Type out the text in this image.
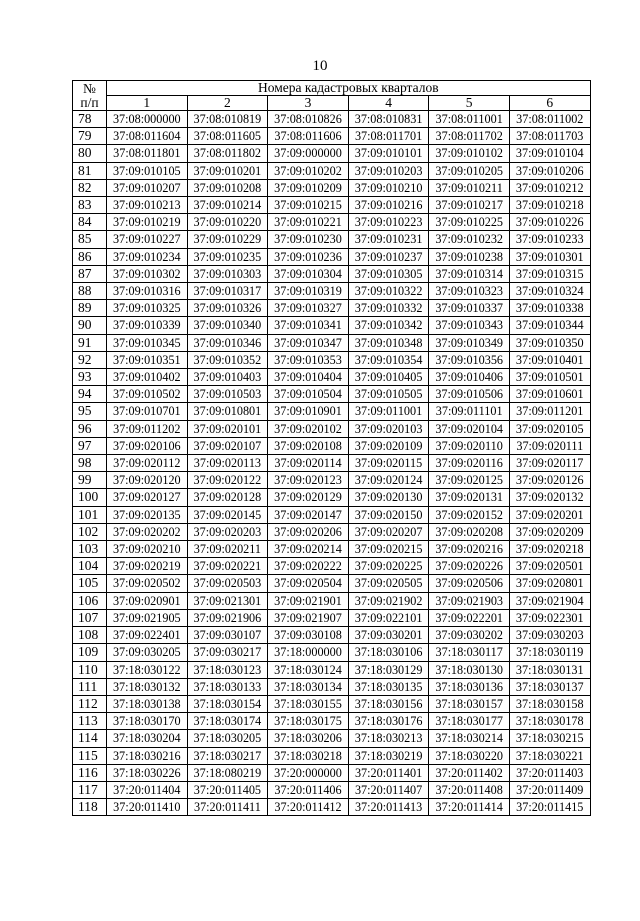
10
№
п/п	Номера кадастровых кварталов					
	1	2	3	4	5	6
78	37:08:000000	37:08:010819	37:08:010826	37:08:010831	37:08:011001	37:08:011002
79	37:08:011604	37:08:011605	37:08:011606	37:08:011701	37:08:011702	37:08:011703
80	37:08:011801	37:08:011802	37:09:000000	37:09:010101	37:09:010102	37:09:010104
81	37:09:010105	37:09:010201	37:09:010202	37:09:010203	37:09:010205	37:09:010206
82	37:09:010207	37:09:010208	37:09:010209	37:09:010210	37:09:010211	37:09:010212
83	37:09:010213	37:09:010214	37:09:010215	37:09:010216	37:09:010217	37:09:010218
84	37:09:010219	37:09:010220	37:09:010221	37:09:010223	37:09:010225	37:09:010226
85	37:09:010227	37:09:010229	37:09:010230	37:09:010231	37:09:010232	37:09:010233
86	37:09:010234	37:09:010235	37:09:010236	37:09:010237	37:09:010238	37:09:010301
87	37:09:010302	37:09:010303	37:09:010304	37:09:010305	37:09:010314	37:09:010315
88	37:09:010316	37:09:010317	37:09:010319	37:09:010322	37:09:010323	37:09:010324
89	37:09:010325	37:09:010326	37:09:010327	37:09:010332	37:09:010337	37:09:010338
90	37:09:010339	37:09:010340	37:09:010341	37:09:010342	37:09:010343	37:09:010344
91	37:09:010345	37:09:010346	37:09:010347	37:09:010348	37:09:010349	37:09:010350
92	37:09:010351	37:09:010352	37:09:010353	37:09:010354	37:09:010356	37:09:010401
93	37:09:010402	37:09:010403	37:09:010404	37:09:010405	37:09:010406	37:09:010501
94	37:09:010502	37:09:010503	37:09:010504	37:09:010505	37:09:010506	37:09:010601
95	37:09:010701	37:09:010801	37:09:010901	37:09:011001	37:09:011101	37:09:011201
96	37:09:011202	37:09:020101	37:09:020102	37:09:020103	37:09:020104	37:09:020105
97	37:09:020106	37:09:020107	37:09:020108	37:09:020109	37:09:020110	37:09:020111
98	37:09:020112	37:09:020113	37:09:020114	37:09:020115	37:09:020116	37:09:020117
99	37:09:020120	37:09:020122	37:09:020123	37:09:020124	37:09:020125	37:09:020126
100	37:09:020127	37:09:020128	37:09:020129	37:09:020130	37:09:020131	37:09:020132
101	37:09:020135	37:09:020145	37:09:020147	37:09:020150	37:09:020152	37:09:020201
102	37:09:020202	37:09:020203	37:09:020206	37:09:020207	37:09:020208	37:09:020209
103	37:09:020210	37:09:020211	37:09:020214	37:09:020215	37:09:020216	37:09:020218
104	37:09:020219	37:09:020221	37:09:020222	37:09:020225	37:09:020226	37:09:020501
105	37:09:020502	37:09:020503	37:09:020504	37:09:020505	37:09:020506	37:09:020801
106	37:09:020901	37:09:021301	37:09:021901	37:09:021902	37:09:021903	37:09:021904
107	37:09:021905	37:09:021906	37:09:021907	37:09:022101	37:09:022201	37:09:022301
108	37:09:022401	37:09:030107	37:09:030108	37:09:030201	37:09:030202	37:09:030203
109	37:09:030205	37:09:030217	37:18:000000	37:18:030106	37:18:030117	37:18:030119
110	37:18:030122	37:18:030123	37:18:030124	37:18:030129	37:18:030130	37:18:030131
111	37:18:030132	37:18:030133	37:18:030134	37:18:030135	37:18:030136	37:18:030137
112	37:18:030138	37:18:030154	37:18:030155	37:18:030156	37:18:030157	37:18:030158
113	37:18:030170	37:18:030174	37:18:030175	37:18:030176	37:18:030177	37:18:030178
114	37:18:030204	37:18:030205	37:18:030206	37:18:030213	37:18:030214	37:18:030215
115	37:18:030216	37:18:030217	37:18:030218	37:18:030219	37:18:030220	37:18:030221
116	37:18:030226	37:18:080219	37:20:000000	37:20:011401	37:20:011402	37:20:011403
117	37:20:011404	37:20:011405	37:20:011406	37:20:011407	37:20:011408	37:20:011409
118	37:20:011410	37:20:011411	37:20:011412	37:20:011413	37:20:011414	37:20:011415
